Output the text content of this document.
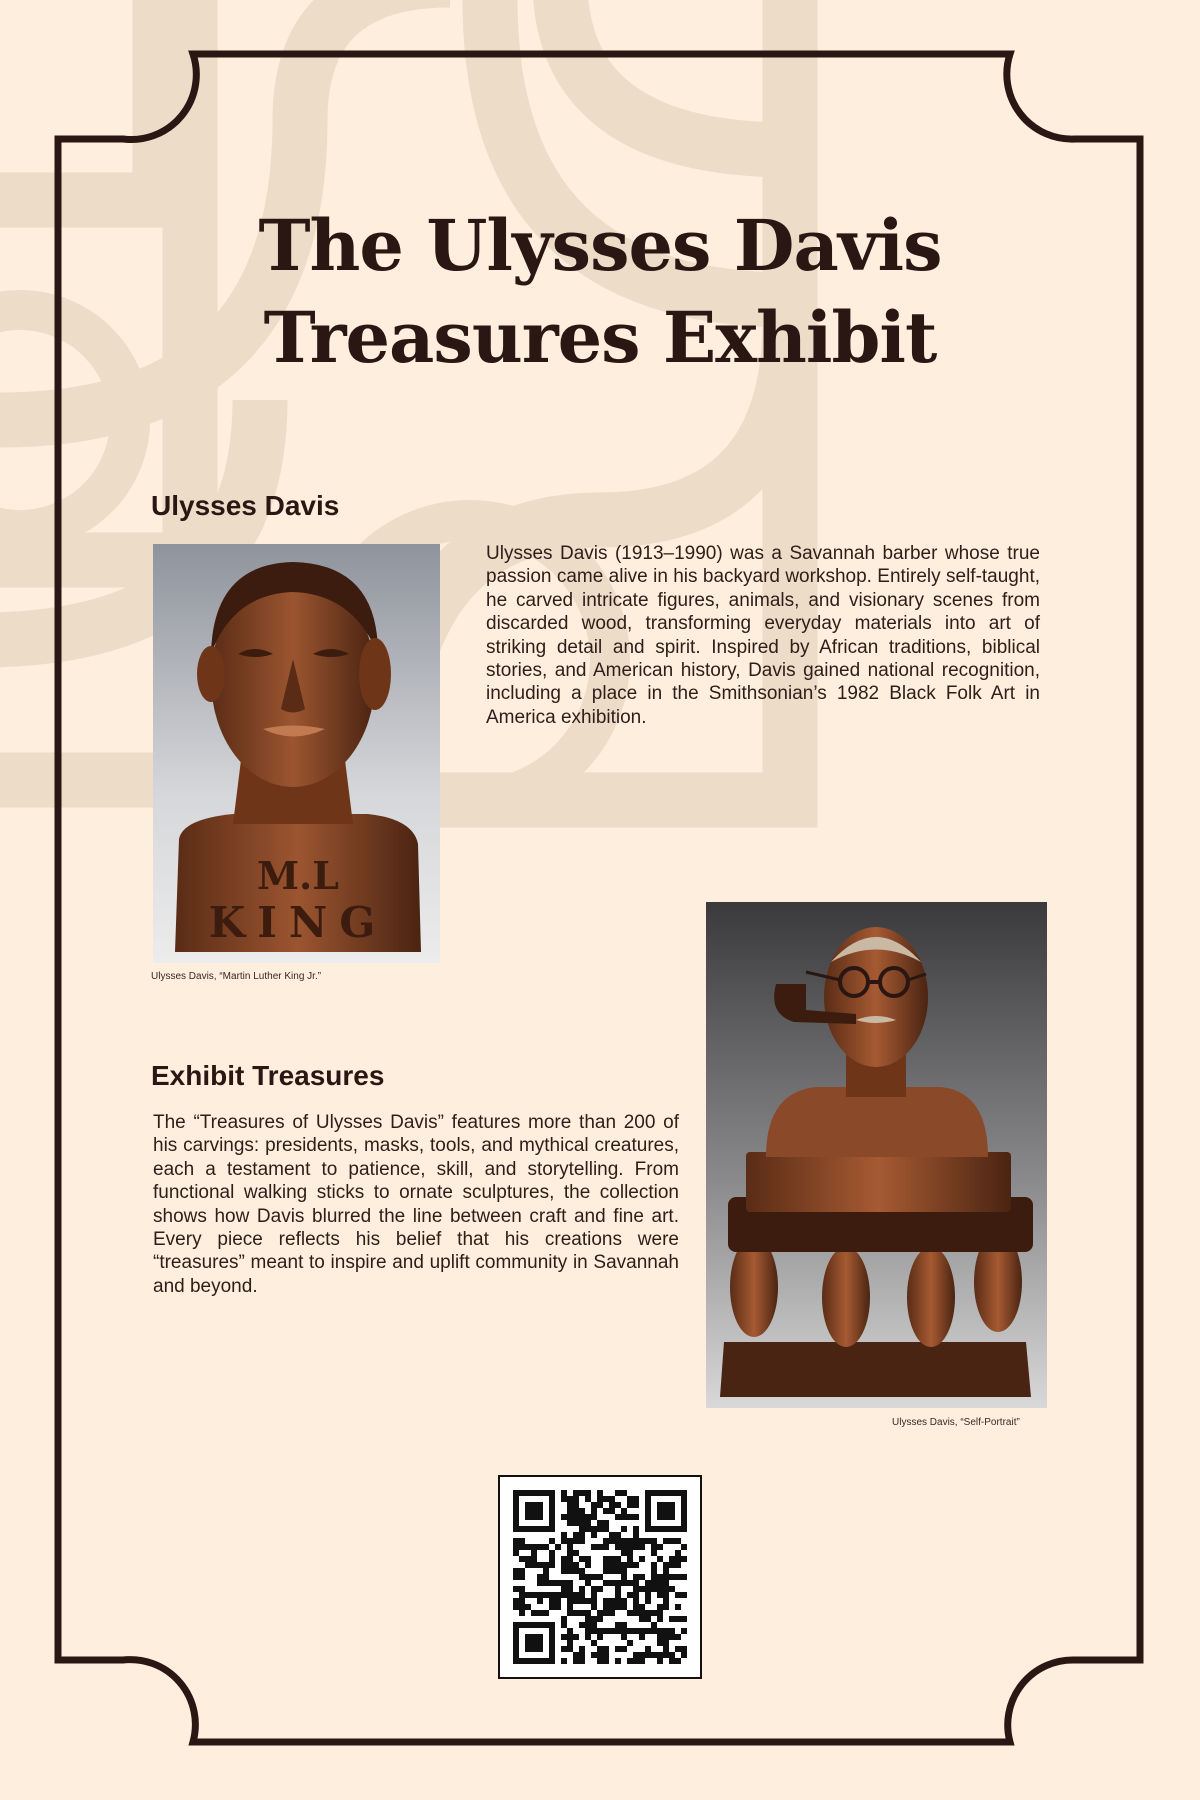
The Ulysses Davis
Treasures Exhibit
Ulysses Davis
M.L
KING
Ulysses Davis, “Martin Luther King Jr.”

Ulysses Davis (1913–1990) was a Savannah barber whose true passion came alive in his backyard workshop. Entirely self-taught, he carved intricate figures, animals, and visionary scenes from discarded wood, transforming everyday materials into art of striking detail and spirit. Inspired by African traditions, biblical stories, and American history, Davis gained national recognition, including a place in the Smithsonian’s 1982 Black Folk Art in America exhibition.

Exhibit Treasures

The “Treasures of Ulysses Davis” features more than 200 of his carvings: presidents, masks, tools, and mythical creatures, each a testament to patience, skill, and storytelling. From functional walking sticks to ornate sculptures, the collection shows how Davis blurred the line between craft and fine art. Every piece reflects his belief that his creations were “treasures” meant to inspire and uplift community in Savannah and beyond.

Ulysses Davis, “Self-Portrait”
